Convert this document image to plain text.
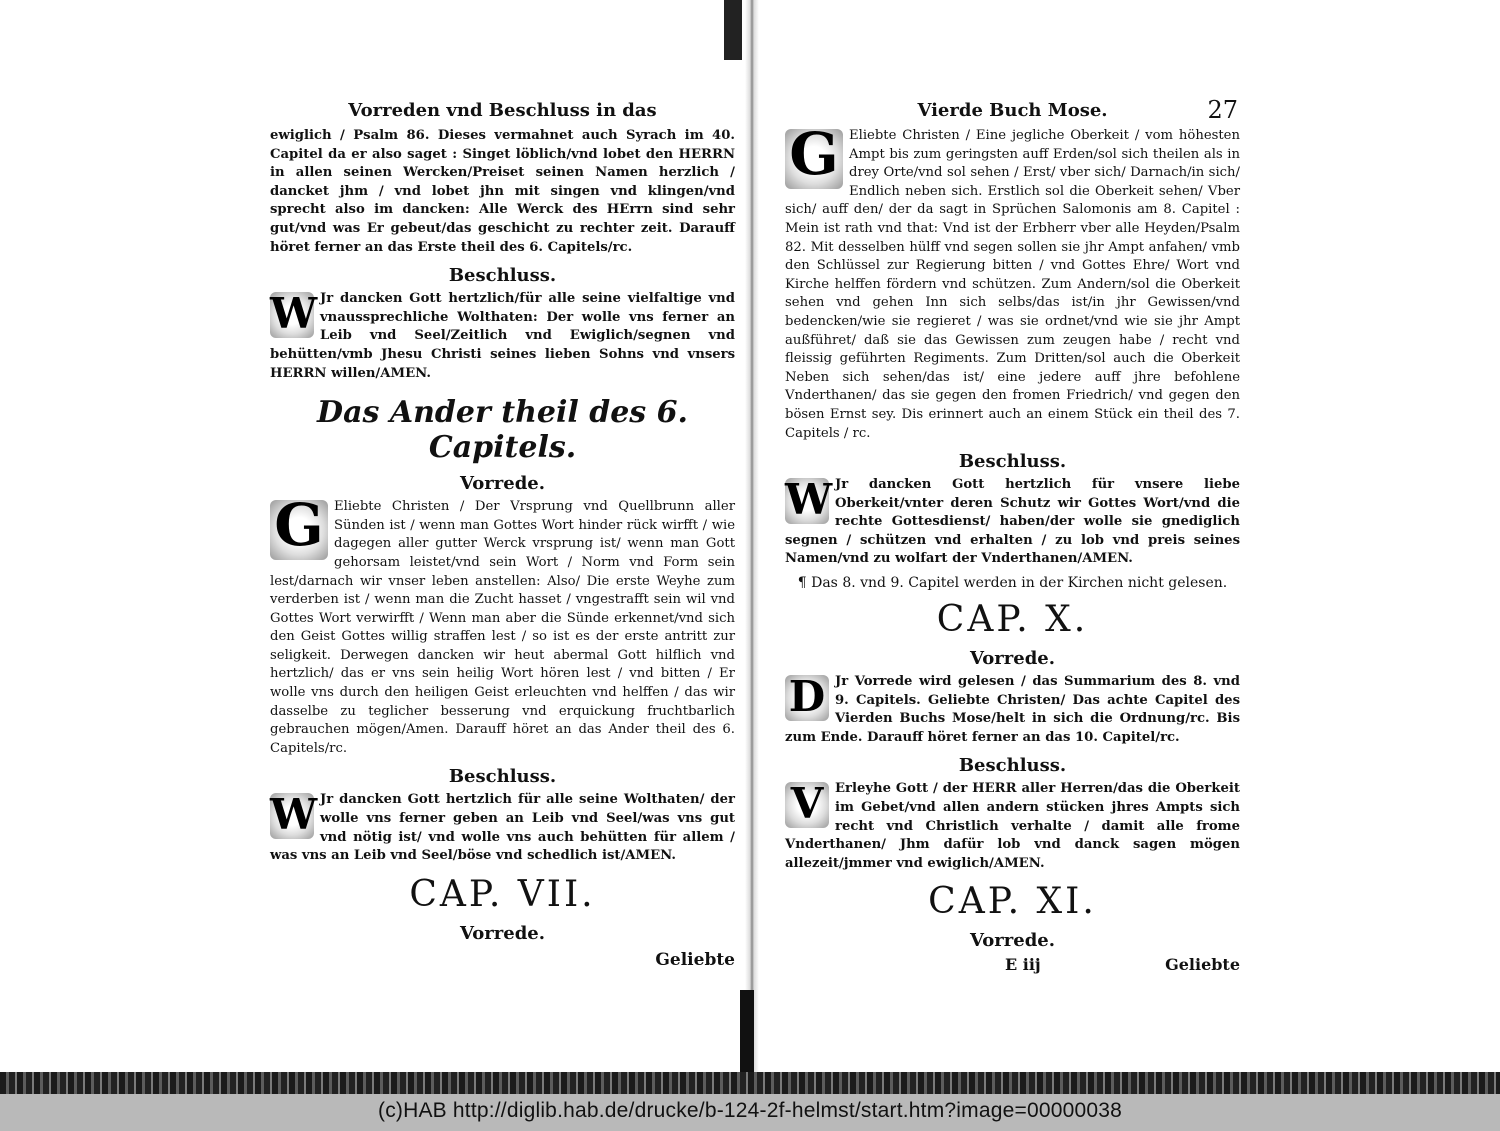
Vorreden vnd Beschluss in das
ewiglich / Psalm 86. Dieses vermahnet auch Syrach im 40. Capitel da er also saget : Singet löblich/vnd lobet den HERRN in allen seinen Wercken/Preiset seinen Namen herzlich / dancket jhm / vnd lobet jhn mit singen vnd klingen/vnd sprecht also im dancken: Alle Werck des HErrn sind sehr gut/vnd was Er gebeut/das geschicht zu rechter zeit. Darauff höret ferner an das Erste theil des 6. Capitels/rc.
Beschluss.
W Jr dancken Gott hertzlich/für alle seine vielfaltige vnd vnaussprechliche Wolthaten: Der wolle vns ferner an Leib vnd Seel/Zeitlich vnd Ewiglich/segnen vnd behütten/vmb Jhesu Christi seines lieben Sohns vnd vnsers HERRN willen/AMEN.
Das Ander theil des 6. Capitels.
Vorrede.
G Eliebte Christen / Der Vrsprung vnd Quellbrunn aller Sünden ist / wenn man Gottes Wort hinder rück wirfft / wie dagegen aller gutter Werck vrsprung ist/ wenn man Gott gehorsam leistet/vnd sein Wort / Norm vnd Form sein lest/darnach wir vnser leben anstellen: Also/ Die erste Weyhe zum verderben ist / wenn man die Zucht hasset / vngestrafft sein wil vnd Gottes Wort verwirfft / Wenn man aber die Sünde erkennet/vnd sich den Geist Gottes willig straffen lest / so ist es der erste antritt zur seligkeit. Derwegen dancken wir heut abermal Gott hilflich vnd hertzlich/ das er vns sein heilig Wort hören lest / vnd bitten / Er wolle vns durch den heiligen Geist erleuchten vnd helffen / das wir dasselbe zu teglicher besserung vnd erquickung fruchtbarlich gebrauchen mögen/Amen. Darauff höret an das Ander theil des 6. Capitels/rc.
Beschluss.
W Jr dancken Gott hertzlich für alle seine Wolthaten/ der wolle vns ferner geben an Leib vnd Seel/was vns gut vnd nötig ist/ vnd wolle vns auch behütten für allem / was vns an Leib vnd Seel/böse vnd schedlich ist/AMEN.
CAP. VII.
Vorrede.
Geliebte
Vierde Buch Mose.	27
G Eliebte Christen / Eine jegliche Oberkeit / vom höhesten Ampt bis zum geringsten auff Erden/sol sich theilen als in drey Orte/vnd sol sehen / Erst/ vber sich/ Darnach/in sich/ Endlich neben sich. Erstlich sol die Oberkeit sehen/ Vber sich/ auff den/ der da sagt in Sprüchen Salomonis am 8. Capitel : Mein ist rath vnd that: Vnd ist der Erbherr vber alle Heyden/Psalm 82. Mit desselben hülff vnd segen sollen sie jhr Ampt anfahen/ vmb den Schlüssel zur Regierung bitten / vnd Gottes Ehre/ Wort vnd Kirche helffen fördern vnd schützen. Zum Andern/sol die Oberkeit sehen vnd gehen Inn sich selbs/das ist/in jhr Gewissen/vnd bedencken/wie sie regieret / was sie ordnet/vnd wie sie jhr Ampt außführet/ daß sie das Gewissen zum zeugen habe / recht vnd fleissig geführten Regiments. Zum Dritten/sol auch die Oberkeit Neben sich sehen/das ist/ eine jedere auff jhre befohlene Vnderthanen/ das sie gegen den fromen Friedrich/ vnd gegen den bösen Ernst sey. Dis erinnert auch an einem Stück ein theil des 7. Capitels / rc.
Beschluss.
W Jr dancken Gott hertzlich für vnsere liebe Oberkeit/vnter deren Schutz wir Gottes Wort/vnd die rechte Gottesdienst/ haben/der wolle sie gnediglich segnen / schützen vnd erhalten / zu lob vnd preis seines Namen/vnd zu wolfart der Vnderthanen/AMEN.
¶ Das 8. vnd 9. Capitel werden in der Kirchen nicht gelesen.
CAP. X.
Vorrede.
D Jr Vorrede wird gelesen / das Summarium des 8. vnd 9. Capitels. Geliebte Christen/ Das achte Capitel des Vierden Buchs Mose/helt in sich die Ordnung/rc. Bis zum Ende. Darauff höret ferner an das 10. Capitel/rc.
Beschluss.
V Erleyhe Gott / der HERR aller Herren/das die Oberkeit im Gebet/vnd allen andern stücken jhres Ampts sich recht vnd Christlich verhalte / damit alle frome Vnderthanen/ Jhm dafür lob vnd danck sagen mögen allezeit/jmmer vnd ewiglich/AMEN.
CAP. XI.
Vorrede.
E iij	Geliebte
(c)HAB http://diglib.hab.de/drucke/b-124-2f-helmst/start.htm?image=00000038
